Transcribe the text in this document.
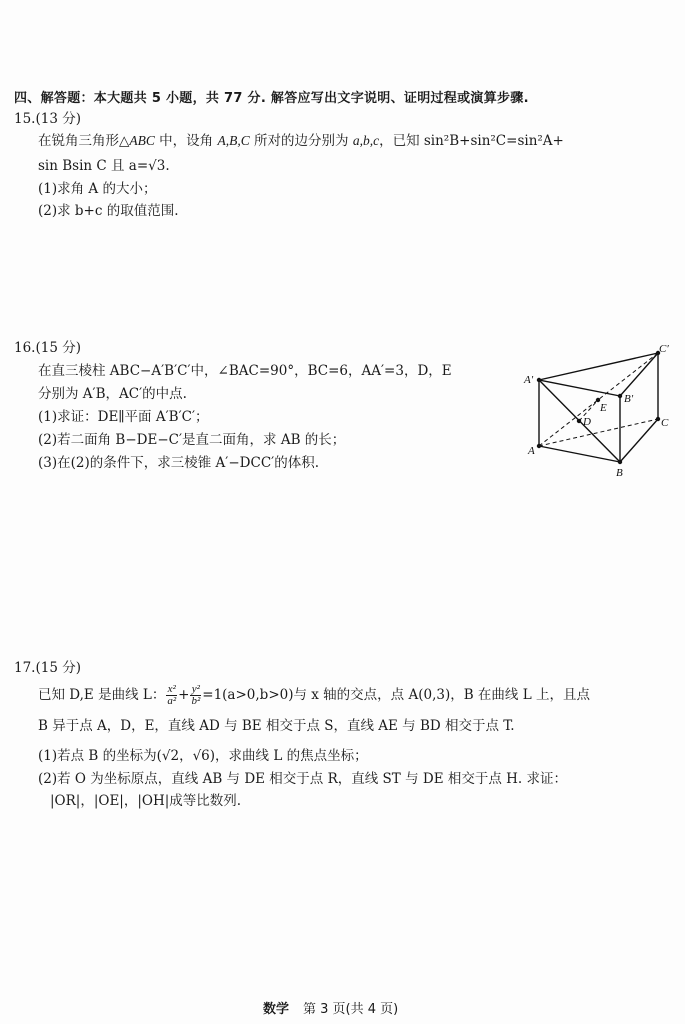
四、解答题：本大题共 5 小题，共 77 分. 解答应写出文字说明、证明过程或演算步骤.
15.(13 分)
在锐角三角形△ABC 中，设角 A,B,C 所对的边分别为 a,b,c，已知 sin²B+sin²C=sin²A+
sin Bsin C 且 a=√3.
(1)求角 A 的大小；
(2)求 b+c 的取值范围.
16.(15 分)
在直三棱柱 ABC−A′B′C′中，∠BAC=90°，BC=6，AA′=3，D，E
分别为 A′B，AC′的中点.
(1)求证：DE∥平面 A′B′C′；
(2)若二面角 B−DE−C′是直二面角，求 AB 的长；
(3)在(2)的条件下，求三棱锥 A′−DCC′的体积.
A′
B′
C′
A
B
C
D
E
17.(15 分)
已知 D,E 是曲线 L： $\frac{\text{x²}}{\text{a²}} + \frac{\text{y²}}{\text{b²}} =1(a>0,b>0)$与 x 轴的交点，点 A(0,3)，B 在曲线 L 上，且点
B 异于点 A，D，E，直线 AD 与 BE 相交于点 S，直线 AE 与 BD 相交于点 T.
(1)若点 B 的坐标为(√2，√6)，求曲线 L 的焦点坐标；
(2)若 O 为坐标原点，直线 AB 与 DE 相交于点 R，直线 ST 与 DE 相交于点 H. 求证：
|OR|，|OE|，|OH|成等比数列.
数学 第 3 页(共 4 页)
